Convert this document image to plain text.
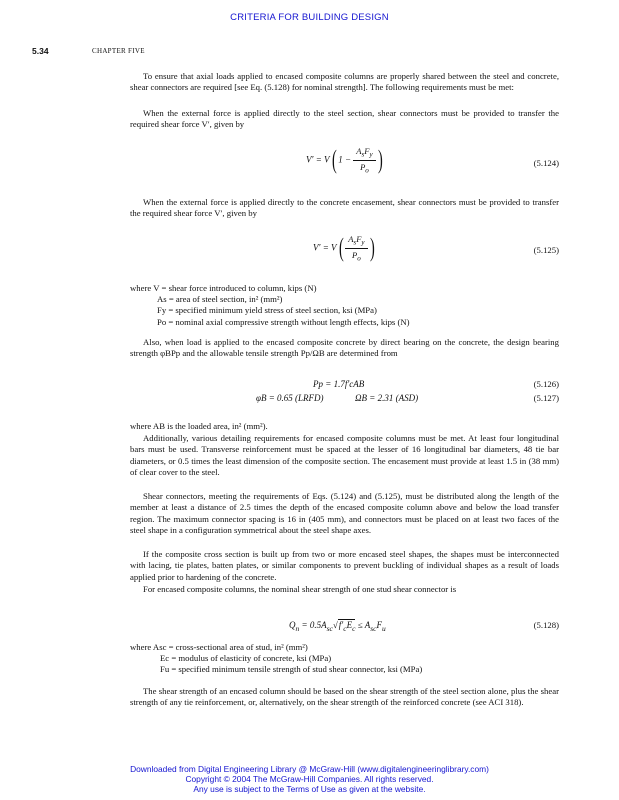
CRITERIA FOR BUILDING DESIGN
5.34	CHAPTER FIVE

To ensure that axial loads applied to encased composite columns are properly shared between the steel and concrete, shear connectors are required [see Eq. (5.128) for nominal strength]. The following requirements must be met:

When the external force is applied directly to the steel section, shear connectors must be provided to transfer the required shear force V′, given by

V′ = V( $1 - \frac{A_sF_y}{P_o}$ )	(5.124)

When the external force is applied directly to the concrete encasement, shear connectors must be provided to transfer the required shear force V′, given by

$V' = V( \frac{A_sF_y}{P_o}$ )	(5.125)
where V = shear force introduced to column, kips (N)
As = area of steel section, in² (mm²)
Fy = specified minimum yield stress of steel section, ksi (MPa)
Po = nominal axial compressive strength without length effects, kips (N)

Also, when load is applied to the encased composite concrete by direct bearing on the concrete, the design bearing strength φBPp and the allowable tensile strength Pp/ΩB are determined from

Pp = 1.7f′cAB	(5.126)
φB = 0.65 (LRFD)	ΩB = 2.31 (ASD)	(5.127)

where AB is the loaded area, in² (mm²).

Additionally, various detailing requirements for encased composite columns must be met. At least four longitudinal bars must be used. Transverse reinforcement must be spaced at the lesser of 16 longitudinal bar diameters, 48 tie bar diameters, or 0.5 times the least dimension of the composite section. The encasement must provide at least 1.5 in (38 mm) of clear cover to the steel.

Shear connectors, meeting the requirements of Eqs. (5.124) and (5.125), must be distributed along the length of the member at least a distance of 2.5 times the depth of the encased composite column above and below the load transfer region. The maximum connector spacing is 16 in (405 mm), and connectors must be placed on at least two faces of the steel shape in a configuration symmetrical about the steel shape axes.

If the composite cross section is built up from two or more encased steel shapes, the shapes must be interconnected with lacing, tie plates, batten plates, or similar components to prevent buckling of individual shapes as a result of loads applied prior to hardening of the concrete.

For encased composite columns, the nominal shear strength of one stud shear connector is

$Q_n = 0.5A_{sc}√f'_cE_c \le A_{sc}F_u$	(5.128)
where Asc = cross-sectional area of stud, in² (mm²)
Ec = modulus of elasticity of concrete, ksi (MPa)
Fu = specified minimum tensile strength of stud shear connector, ksi (MPa)

The shear strength of an encased column should be based on the shear strength of the steel section alone, plus the shear strength of any tie reinforcement, or, alternatively, on the shear strength of the reinforced concrete (see ACI 318).

Downloaded from Digital Engineering Library @ McGraw-Hill (www.digitalengineeringlibrary.com)
Copyright © 2004 The McGraw-Hill Companies. All rights reserved.
Any use is subject to the Terms of Use as given at the website.
